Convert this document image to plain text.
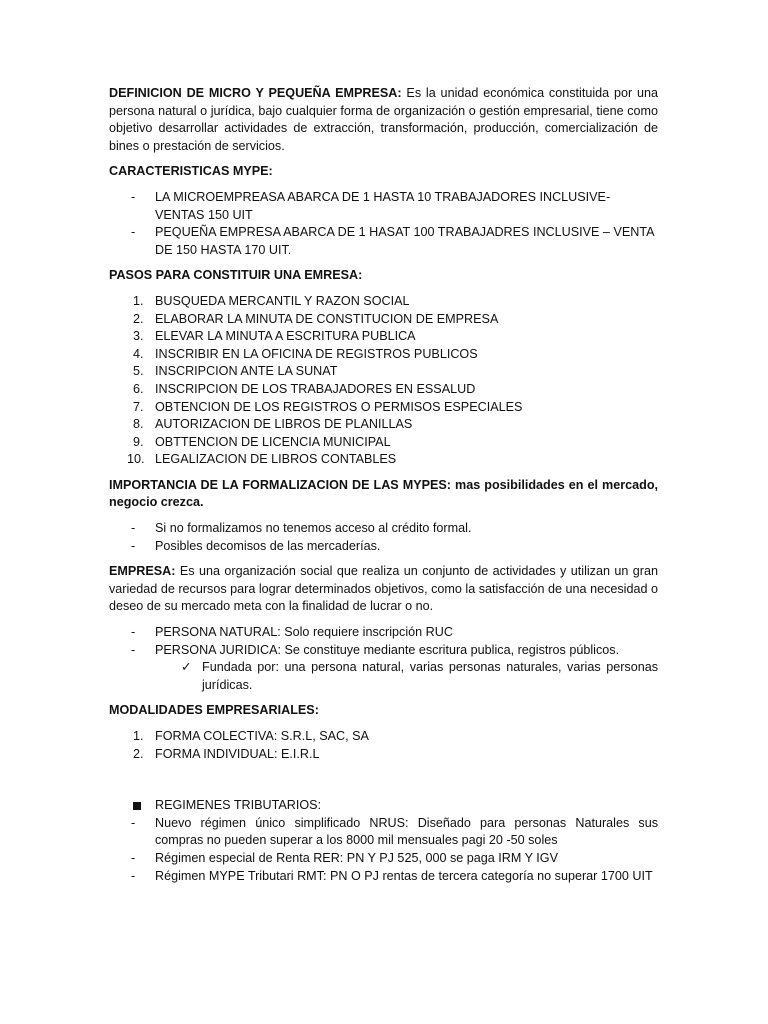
DEFINICION DE MICRO Y PEQUEÑA EMPRESA: Es la unidad económica constituida por una persona natural o jurídica, bajo cualquier forma de organización o gestión empresarial, tiene como objetivo desarrollar actividades de extracción, transformación, producción, comercialización de bines o prestación de servicios.

CARACTERISTICAS MYPE:

- LA MICROEMPREASA ABARCA DE 1 HASTA 10 TRABAJADORES INCLUSIVE- VENTAS 150 UIT
- PEQUEÑA EMPRESA ABARCA DE 1 HASAT 100 TRABAJADRES INCLUSIVE – VENTA DE 150 HASTA 170 UIT.

PASOS PARA CONSTITUIR UNA EMRESA:

1. BUSQUEDA MERCANTIL Y RAZON SOCIAL
2. ELABORAR LA MINUTA DE CONSTITUCION DE EMPRESA
3. ELEVAR LA MINUTA A ESCRITURA PUBLICA
4. INSCRIBIR EN LA OFICINA DE REGISTROS PUBLICOS
5. INSCRIPCION ANTE LA SUNAT
6. INSCRIPCION DE LOS TRABAJADORES EN ESSALUD
7. OBTENCION DE LOS REGISTROS O PERMISOS ESPECIALES
8. AUTORIZACION DE LIBROS DE PLANILLAS
9. OBTTENCION DE LICENCIA MUNICIPAL
10. LEGALIZACION DE LIBROS CONTABLES

IMPORTANCIA DE LA FORMALIZACION DE LAS MYPES: mas posibilidades en el mercado, negocio crezca.

- Si no formalizamos no tenemos acceso al crédito formal.
- Posibles decomisos de las mercaderías.

EMPRESA: Es una organización social que realiza un conjunto de actividades y utilizan un gran variedad de recursos para lograr determinados objetivos, como la satisfacción de una necesidad o deseo de su mercado meta con la finalidad de lucrar o no.

- PERSONA NATURAL: Solo requiere inscripción RUC
- PERSONA JURIDICA: Se constituye mediante escritura publica, registros públicos.
✓ Fundada por: una persona natural, varias personas naturales, varias personas jurídicas.

MODALIDADES EMPRESARIALES:

1. FORMA COLECTIVA: S.R.L, SAC, SA
2. FORMA INDIVIDUAL: E.I.R.L
REGIMENES TRIBUTARIOS:
- Nuevo régimen único simplificado NRUS: Diseñado para personas Naturales sus compras no pueden superar a los 8000 mil mensuales pagi 20 -50 soles
- Régimen especial de Renta RER: PN Y PJ 525, 000 se paga IRM Y IGV
- Régimen MYPE Tributari RMT: PN O PJ rentas de tercera categoría no superar 1700 UIT
